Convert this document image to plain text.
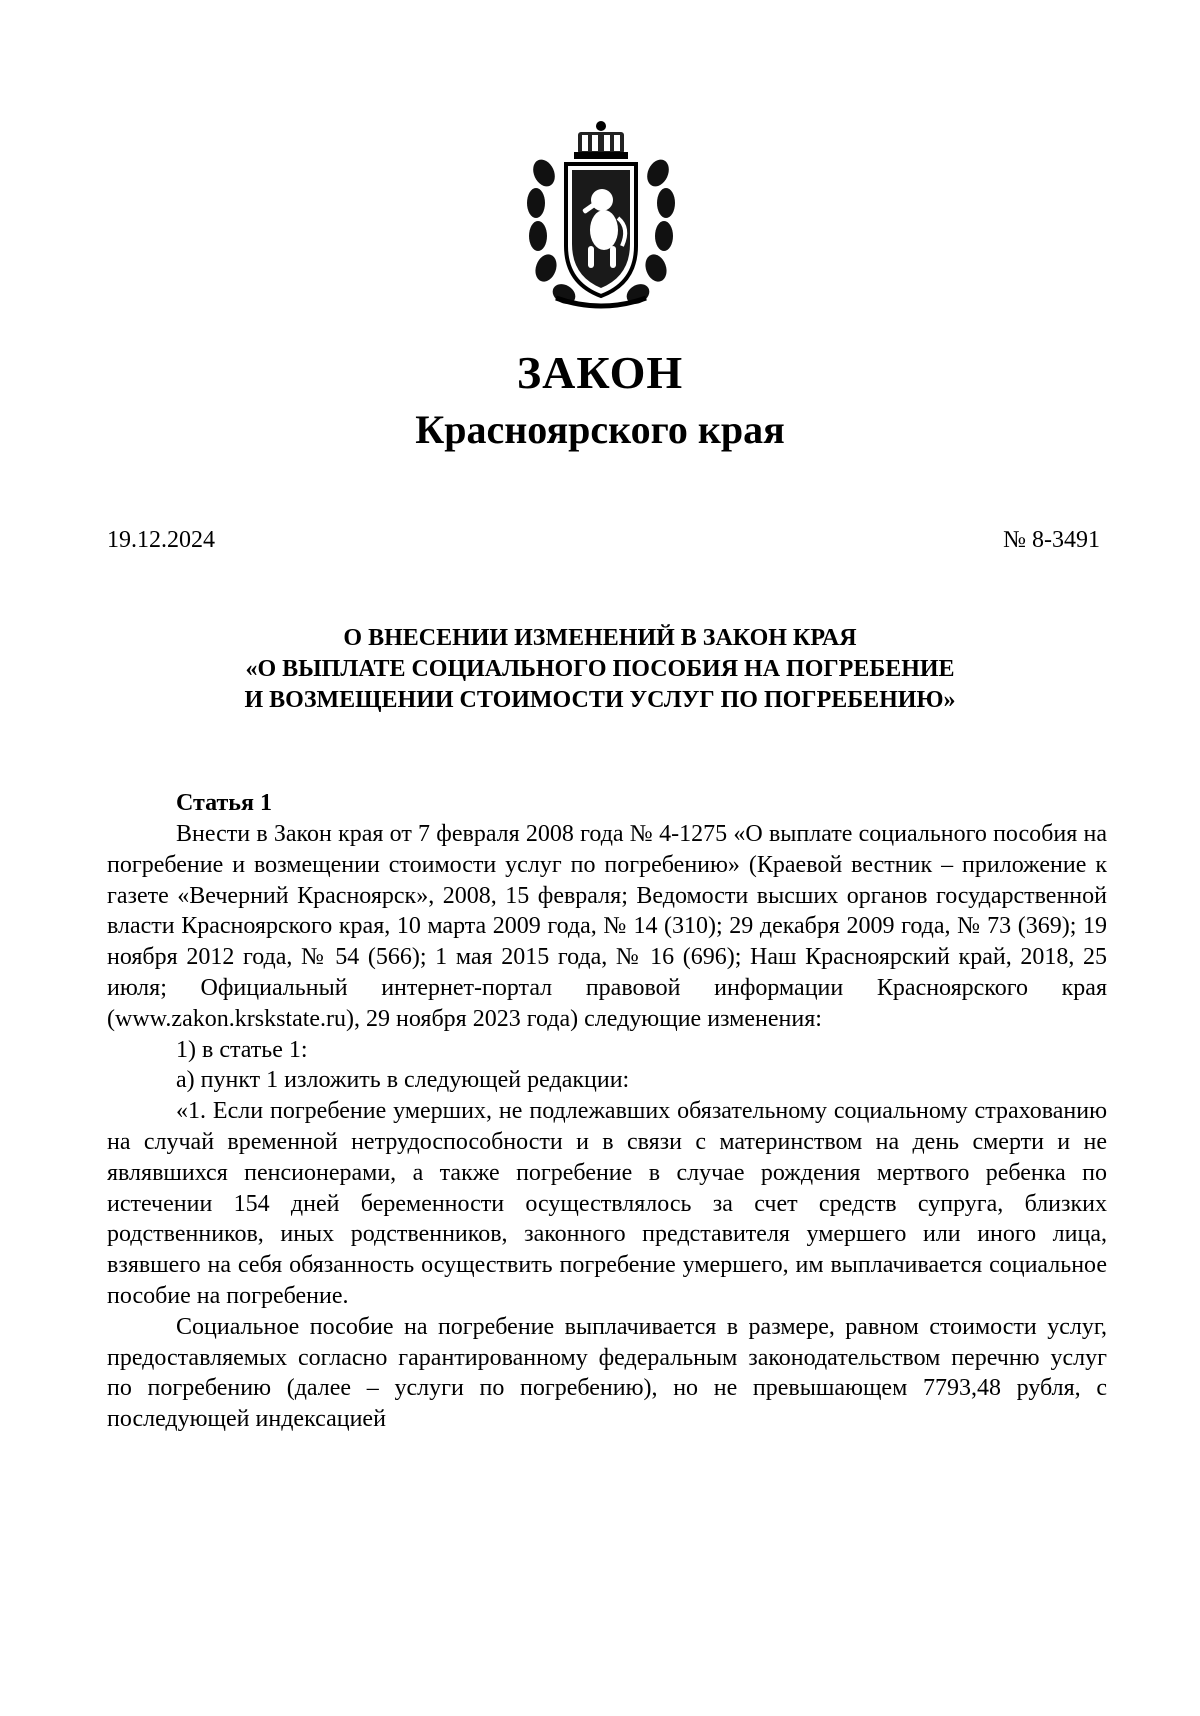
ЗАКОН
Красноярского края
19.12.2024	№ 8-3491
О ВНЕСЕНИИ ИЗМЕНЕНИЙ В ЗАКОН КРАЯ
«О ВЫПЛАТЕ СОЦИАЛЬНОГО ПОСОБИЯ НА ПОГРЕБЕНИЕ
И ВОЗМЕЩЕНИИ СТОИМОСТИ УСЛУГ ПО ПОГРЕБЕНИЮ»
Статья 1
Внести в Закон края от 7 февраля 2008 года № 4-1275 «О выплате социального пособия на погребение и возмещении стоимости услуг по погребению» (Краевой вестник – приложение к газете «Вечерний Красноярск», 2008, 15 февраля; Ведомости высших органов государственной власти Красноярского края, 10 марта 2009 года, № 14 (310); 29 декабря 2009 года, № 73 (369); 19 ноября 2012 года, № 54 (566); 1 мая 2015 года, № 16 (696); Наш Красноярский край, 2018, 25 июля; Официальный интернет-портал правовой информации Красноярского края (www.zakon.krskstate.ru), 29 ноября 2023 года) следующие изменения:
1) в статье 1:
а) пункт 1 изложить в следующей редакции:
«1. Если погребение умерших, не подлежавших обязательному социальному страхованию на случай временной нетрудоспособности и в связи с материнством на день смерти и не являвшихся пенсионерами, а также погребение в случае рождения мертвого ребенка по истечении 154 дней беременности осуществлялось за счет средств супруга, близких родственников, иных родственников, законного представителя умершего или иного лица, взявшего на себя обязанность осуществить погребение умершего, им выплачивается социальное пособие на погребение.
Социальное пособие на погребение выплачивается в размере, равном стоимости услуг, предоставляемых согласно гарантированному федеральным законодательством перечню услуг по погребению (далее – услуги по погребению), но не превышающем 7793,48 рубля, с последующей индексацией
